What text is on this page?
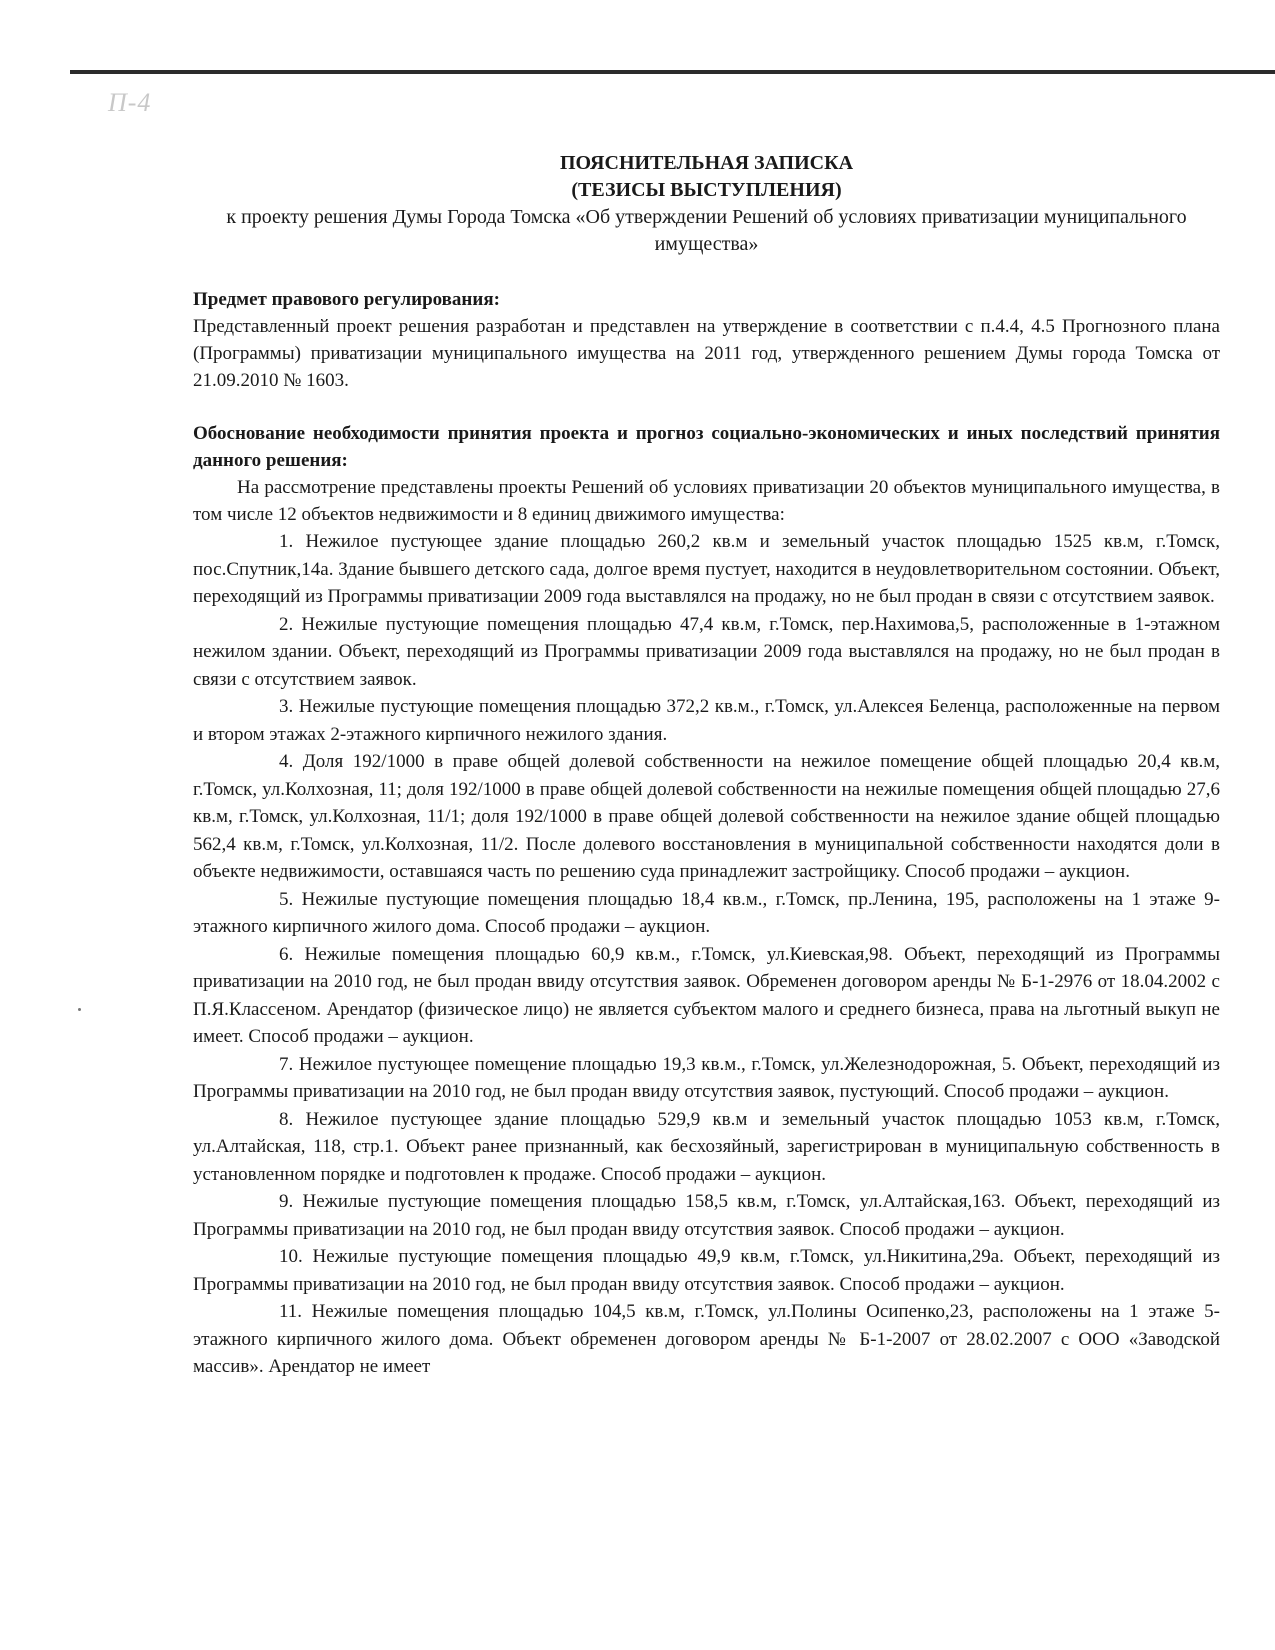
П-4

ПОЯСНИТЕЛЬНАЯ ЗАПИСКА

(ТЕЗИСЫ ВЫСТУПЛЕНИЯ)

к проекту решения Думы Города Томска «Об утверждении Решений об условиях приватизации муниципального имущества»

Предмет правового регулирования:

Представленный проект решения разработан и представлен на утверждение в соответствии с п.4.4, 4.5 Прогнозного плана (Программы) приватизации муниципального имущества на 2011 год, утвержденного решением Думы города Томска от 21.09.2010 № 1603.

Обоснование необходимости принятия проекта и прогноз социально-экономических и иных последствий принятия данного решения:

На рассмотрение представлены проекты Решений об условиях приватизации 20 объектов муниципального имущества, в том числе 12 объектов недвижимости и 8 единиц движимого имущества:

1. Нежилое пустующее здание площадью 260,2 кв.м и земельный участок площадью 1525 кв.м, г.Томск, пос.Спутник,14а. Здание бывшего детского сада, долгое время пустует, находится в неудовлетворительном состоянии. Объект, переходящий из Программы приватизации 2009 года выставлялся на продажу, но не был продан в связи с отсутствием заявок.

2. Нежилые пустующие помещения площадью 47,4 кв.м, г.Томск, пер.Нахимова,5, расположенные в 1-этажном нежилом здании. Объект, переходящий из Программы приватизации 2009 года выставлялся на продажу, но не был продан в связи с отсутствием заявок.

3. Нежилые пустующие помещения площадью 372,2 кв.м., г.Томск, ул.Алексея Беленца, расположенные на первом и втором этажах 2-этажного кирпичного нежилого здания.

4. Доля 192/1000 в праве общей долевой собственности на нежилое помещение общей площадью 20,4 кв.м, г.Томск, ул.Колхозная, 11; доля 192/1000 в праве общей долевой собственности на нежилые помещения общей площадью 27,6 кв.м, г.Томск, ул.Колхозная, 11/1; доля 192/1000 в праве общей долевой собственности на нежилое здание общей площадью 562,4 кв.м, г.Томск, ул.Колхозная, 11/2. После долевого восстановления в муниципальной собственности находятся доли в объекте недвижимости, оставшаяся часть по решению суда принадлежит застройщику. Способ продажи – аукцион.

5. Нежилые пустующие помещения площадью 18,4 кв.м., г.Томск, пр.Ленина, 195, расположены на 1 этаже 9-этажного кирпичного жилого дома. Способ продажи – аукцион.

6. Нежилые помещения площадью 60,9 кв.м., г.Томск, ул.Киевская,98. Объект, переходящий из Программы приватизации на 2010 год, не был продан ввиду отсутствия заявок. Обременен договором аренды № Б-1-2976 от 18.04.2002 с П.Я.Классеном. Арендатор (физическое лицо) не является субъектом малого и среднего бизнеса, права на льготный выкуп не имеет. Способ продажи – аукцион.

7. Нежилое пустующее помещение площадью 19,3 кв.м., г.Томск, ул.Железнодорожная, 5. Объект, переходящий из Программы приватизации на 2010 год, не был продан ввиду отсутствия заявок, пустующий. Способ продажи – аукцион.

8. Нежилое пустующее здание площадью 529,9 кв.м и земельный участок площадью 1053 кв.м, г.Томск, ул.Алтайская, 118, стр.1. Объект ранее признанный, как бесхозяйный, зарегистрирован в муниципальную собственность в установленном порядке и подготовлен к продаже. Способ продажи – аукцион.

9. Нежилые пустующие помещения площадью 158,5 кв.м, г.Томск, ул.Алтайская,163. Объект, переходящий из Программы приватизации на 2010 год, не был продан ввиду отсутствия заявок. Способ продажи – аукцион.

10. Нежилые пустующие помещения площадью 49,9 кв.м, г.Томск, ул.Никитина,29а. Объект, переходящий из Программы приватизации на 2010 год, не был продан ввиду отсутствия заявок. Способ продажи – аукцион.

11. Нежилые помещения площадью 104,5 кв.м, г.Томск, ул.Полины Осипенко,23, расположены на 1 этаже 5-этажного кирпичного жилого дома. Объект обременен договором аренды № Б-1-2007 от 28.02.2007 с ООО «Заводской массив». Арендатор не имеет
